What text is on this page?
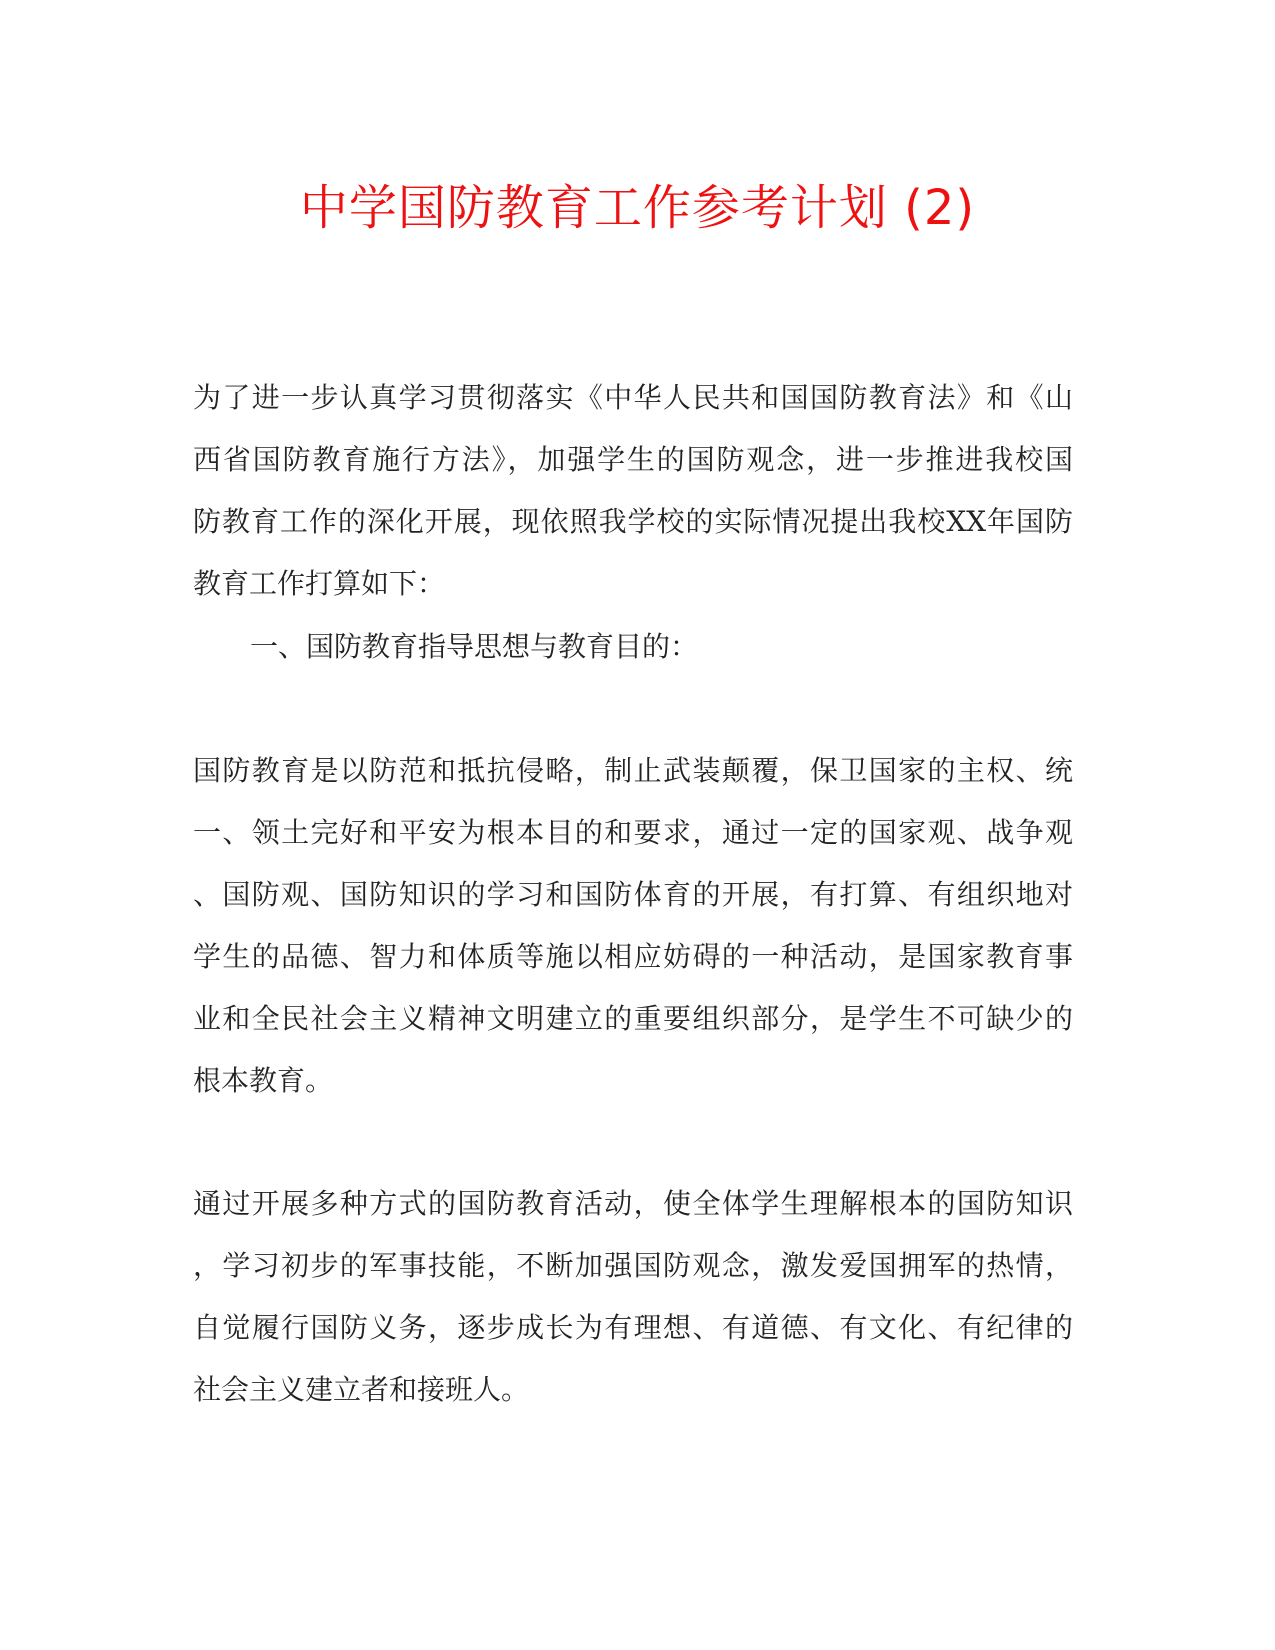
中学国防教育工作参考计划 (2)
为了进一步认真学习贯彻落实《中华人民共和国国防教育法》和《山
西省国防教育施行方法》，加强学生的国防观念，进一步推进我校国
防教育工作的深化开展，现依照我学校的实际情况提出我校XX年国防
教育工作打算如下：
一、国防教育指导思想与教育目的：
国防教育是以防范和抵抗侵略，制止武装颠覆，保卫国家的主权、统
一、领土完好和平安为根本目的和要求，通过一定的国家观、战争观
、国防观、国防知识的学习和国防体育的开展，有打算、有组织地对
学生的品德、智力和体质等施以相应妨碍的一种活动，是国家教育事
业和全民社会主义精神文明建立的重要组织部分，是学生不可缺少的
根本教育。
通过开展多种方式的国防教育活动，使全体学生理解根本的国防知识
，学习初步的军事技能，不断加强国防观念，激发爱国拥军的热情，
自觉履行国防义务，逐步成长为有理想、有道德、有文化、有纪律的
社会主义建立者和接班人。
